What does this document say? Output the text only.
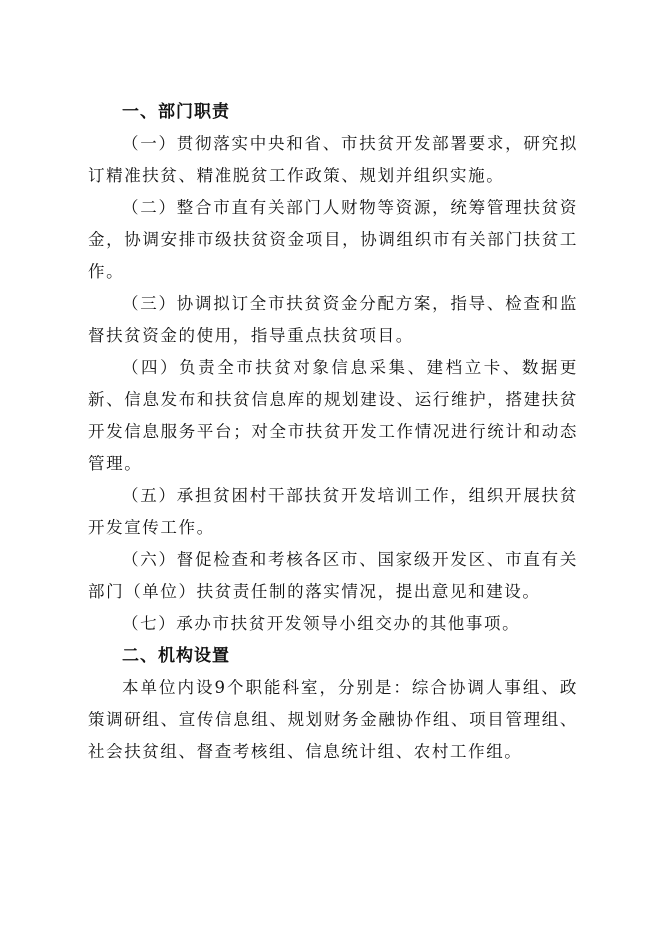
一、部门职责

（一）贯彻落实中央和省、市扶贫开发部署要求，研究拟订精准扶贫、精准脱贫工作政策、规划并组织实施。

（二）整合市直有关部门人财物等资源，统筹管理扶贫资金，协调安排市级扶贫资金项目，协调组织市有关部门扶贫工作。

（三）协调拟订全市扶贫资金分配方案，指导、检查和监督扶贫资金的使用，指导重点扶贫项目。

（四）负责全市扶贫对象信息采集、建档立卡、数据更新、信息发布和扶贫信息库的规划建设、运行维护，搭建扶贫开发信息服务平台；对全市扶贫开发工作情况进行统计和动态管理。

（五）承担贫困村干部扶贫开发培训工作，组织开展扶贫开发宣传工作。

（六）督促检查和考核各区市、国家级开发区、市直有关部门（单位）扶贫责任制的落实情况，提出意见和建设。

（七）承办市扶贫开发领导小组交办的其他事项。

二、机构设置

本单位内设9个职能科室，分别是：综合协调人事组、政策调研组、宣传信息组、规划财务金融协作组、项目管理组、社会扶贫组、督查考核组、信息统计组、农村工作组。
